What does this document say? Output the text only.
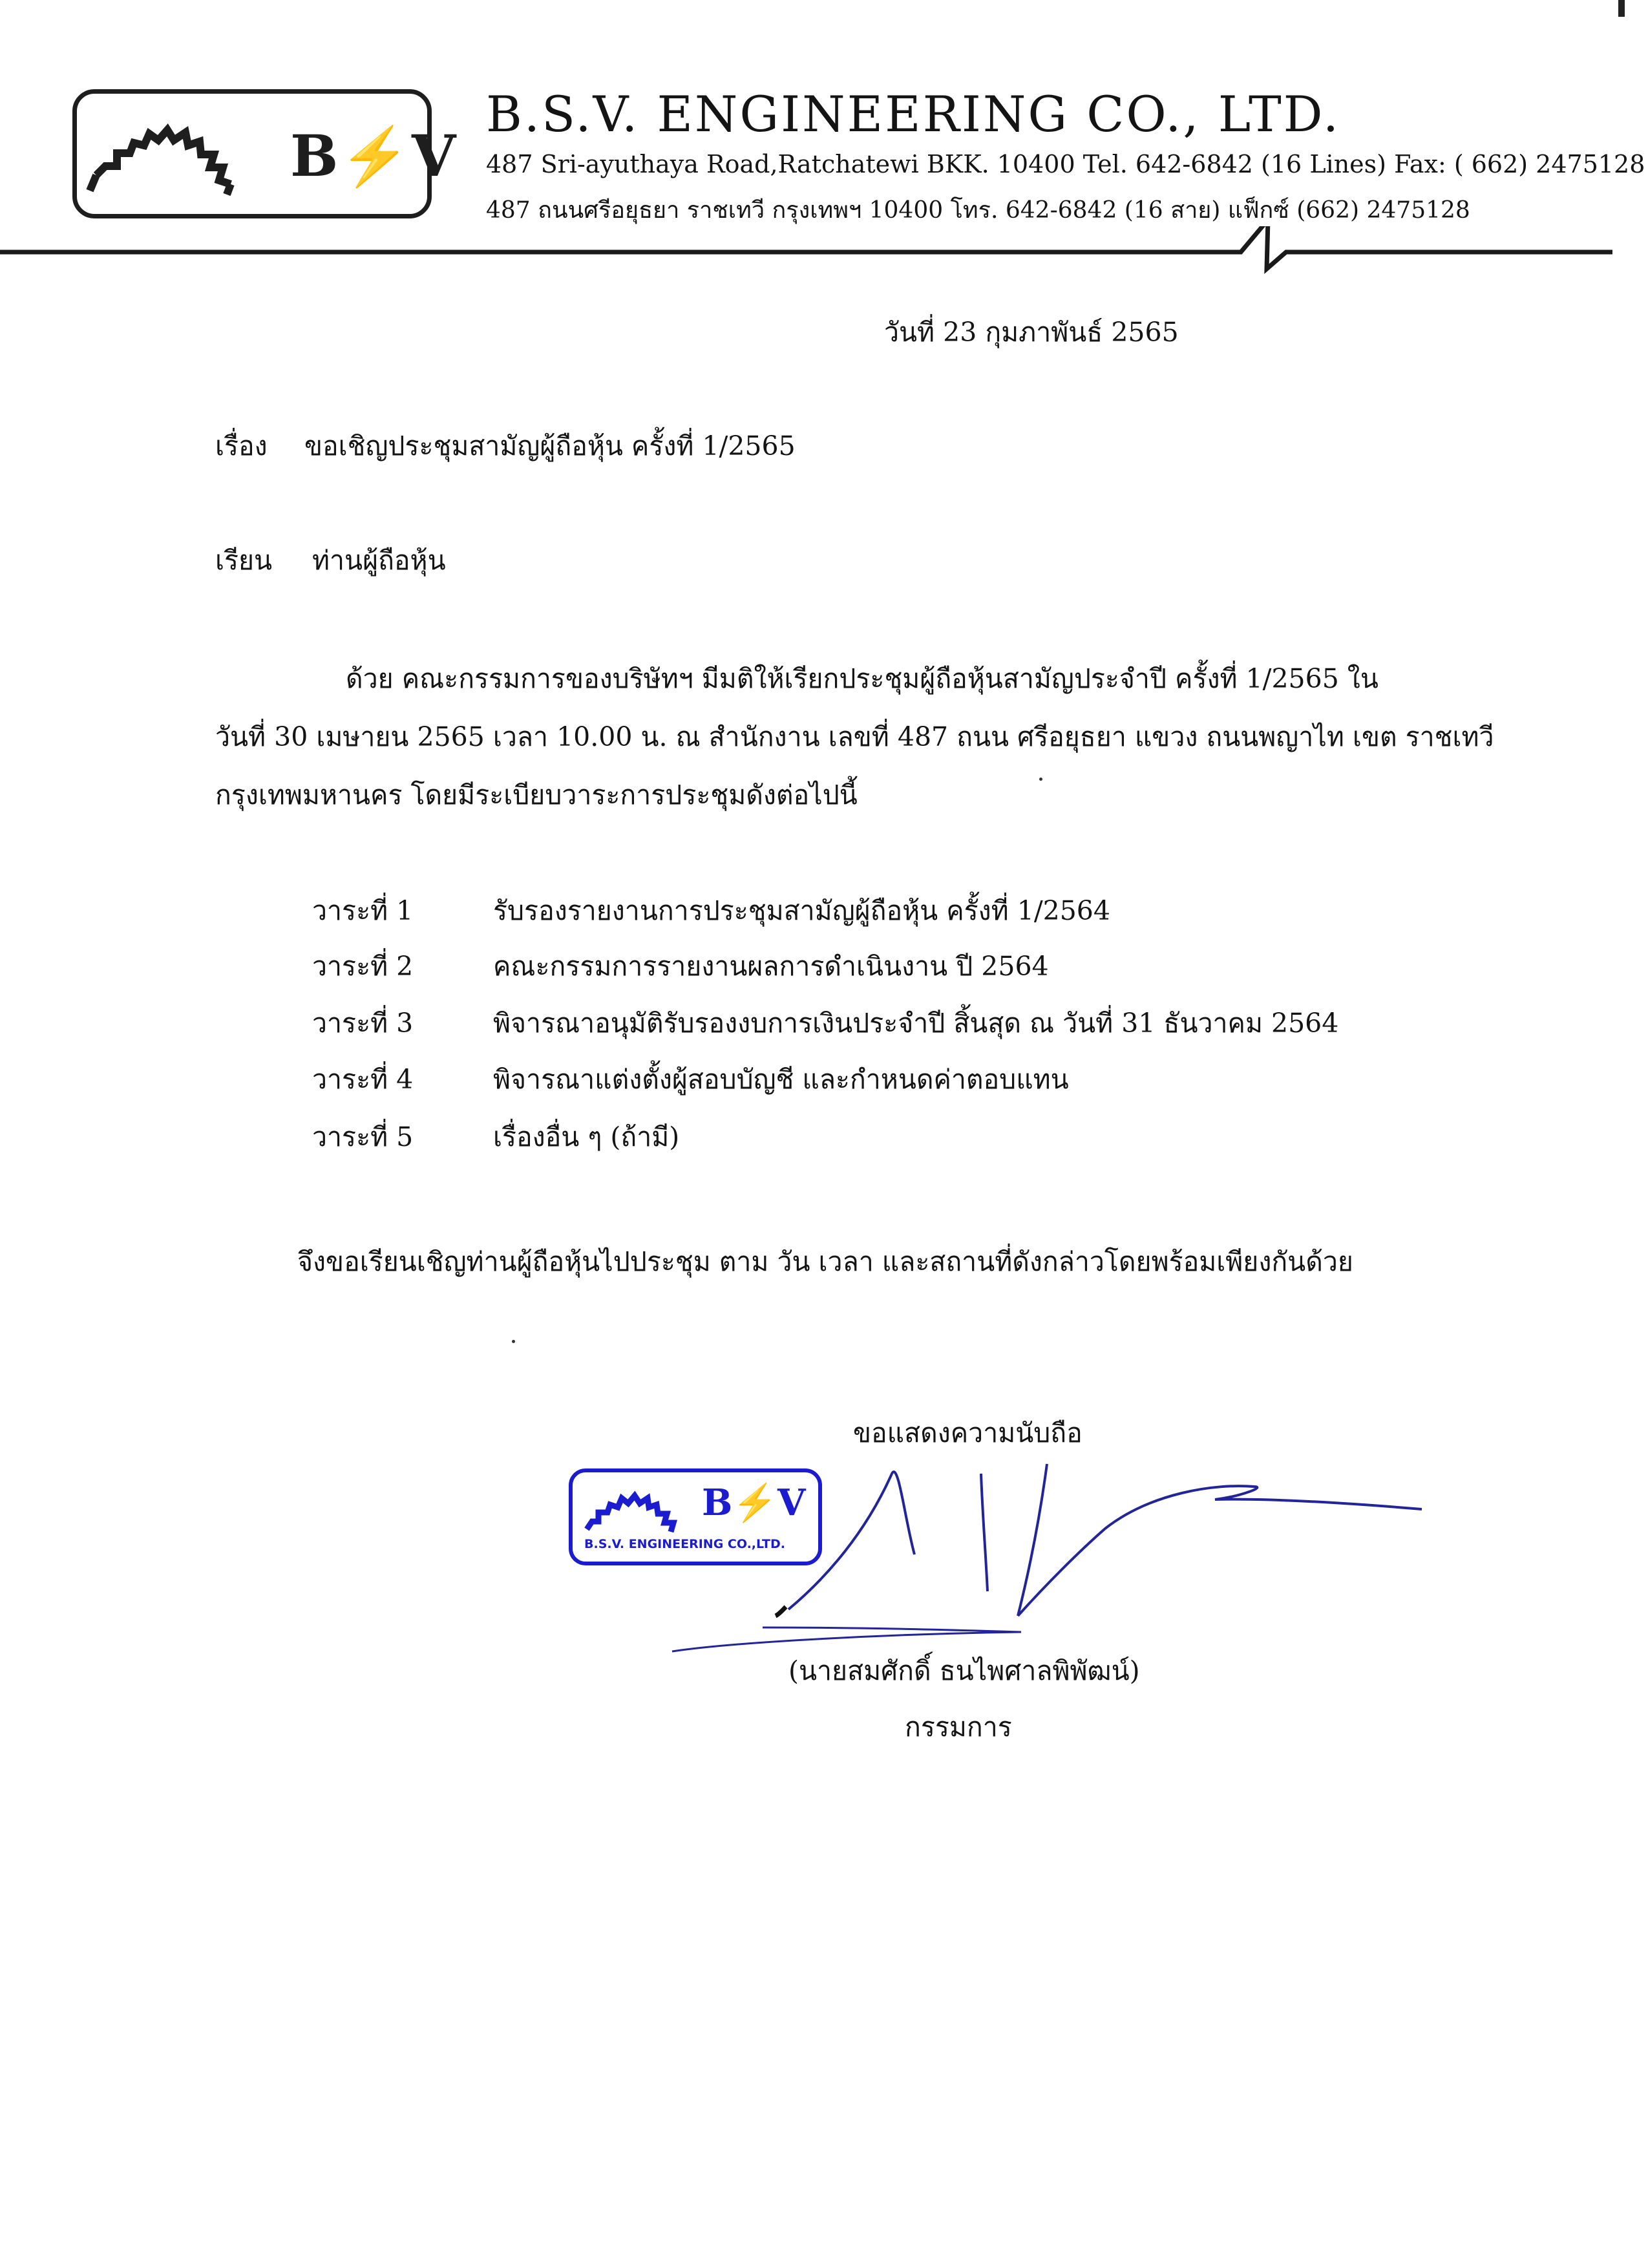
B⚡V
B.S.V. ENGINEERING CO., LTD.
487 Sri-ayuthaya Road,Ratchatewi BKK. 10400 Tel. 642-6842 (16 Lines) Fax: ( 662) 2475128
487 ถนนศรีอยุธยา ราชเทวี กรุงเทพฯ 10400 โทร. 642-6842 (16 สาย) แฟ็กซ์ (662) 2475128
วันที่ 23 กุมภาพันธ์ 2565
เรื่อง ขอเชิญประชุมสามัญผู้ถือหุ้น ครั้งที่ 1/2565
เรียน ท่านผู้ถือหุ้น
ด้วย คณะกรรมการของบริษัทฯ มีมติให้เรียกประชุมผู้ถือหุ้นสามัญประจำปี ครั้งที่ 1/2565 ใน
วันที่ 30 เมษายน 2565 เวลา 10.00 น. ณ สำนักงาน เลขที่ 487 ถนน ศรีอยุธยา แขวง ถนนพญาไท เขต ราชเทวี
กรุงเทพมหานคร โดยมีระเบียบวาระการประชุมดังต่อไปนี้
วาระที่ 1	รับรองรายงานการประชุมสามัญผู้ถือหุ้น ครั้งที่ 1/2564
วาระที่ 2	คณะกรรมการรายงานผลการดำเนินงาน ปี 2564
วาระที่ 3	พิจารณาอนุมัติรับรองงบการเงินประจำปี สิ้นสุด ณ วันที่ 31 ธันวาคม 2564
วาระที่ 4	พิจารณาแต่งตั้งผู้สอบบัญชี และกำหนดค่าตอบแทน
วาระที่ 5	เรื่องอื่น ๆ (ถ้ามี)
จึงขอเรียนเชิญท่านผู้ถือหุ้นไปประชุม ตาม วัน เวลา และสถานที่ดังกล่าวโดยพร้อมเพียงกันด้วย
ขอแสดงความนับถือ
B⚡V
B.S.V. ENGINEERING CO.,LTD.
(นายสมศักดิ์ ธนไพศาลพิพัฒน์)
กรรมการ
